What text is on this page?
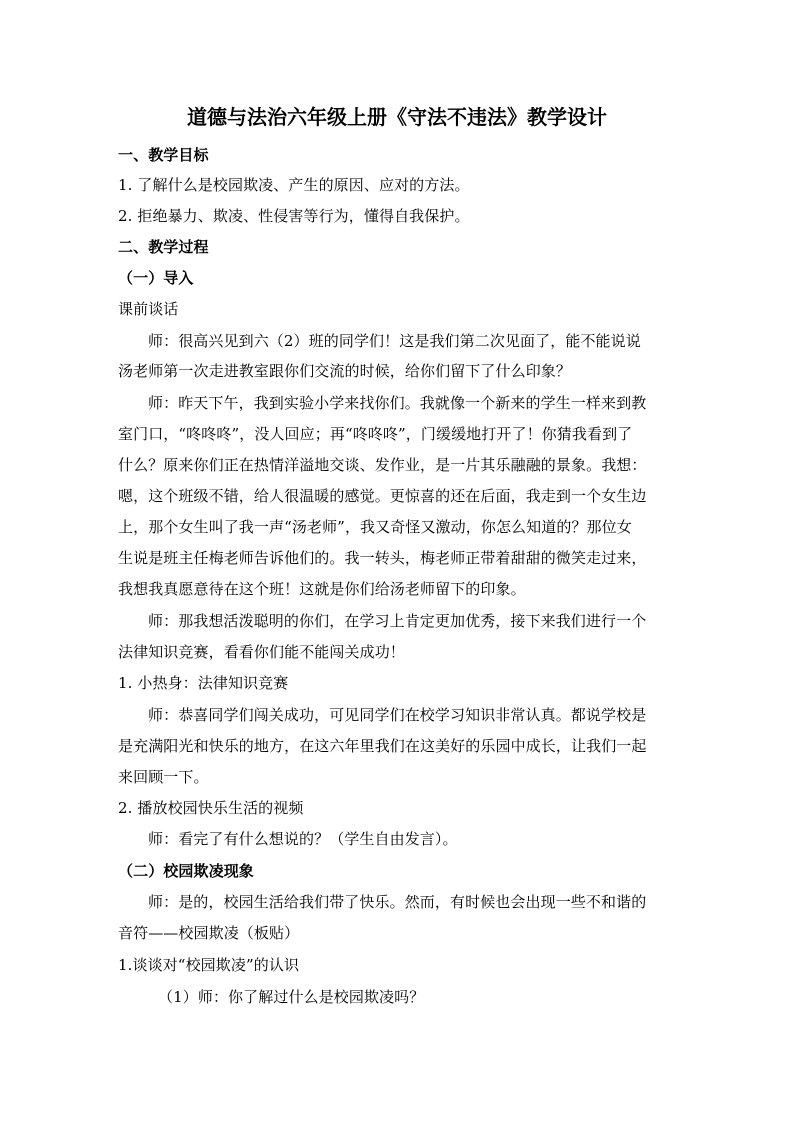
道德与法治六年级上册《守法不违法》教学设计
一、教学目标
1. 了解什么是校园欺凌、产生的原因、应对的方法。
2. 拒绝暴力、欺凌、性侵害等行为，懂得自我保护。
二、教学过程
（一）导入
课前谈话
师：很高兴见到六（2）班的同学们！这是我们第二次见面了，能不能说说
汤老师第一次走进教室跟你们交流的时候，给你们留下了什么印象？
师：昨天下午，我到实验小学来找你们。我就像一个新来的学生一样来到教
室门口，“咚咚咚”，没人回应；再“咚咚咚”，门缓缓地打开了！你猜我看到了
什么？原来你们正在热情洋溢地交谈、发作业，是一片其乐融融的景象。我想：
嗯，这个班级不错，给人很温暖的感觉。更惊喜的还在后面，我走到一个女生边
上，那个女生叫了我一声“汤老师”，我又奇怪又激动，你怎么知道的？那位女
生说是班主任梅老师告诉他们的。我一转头，梅老师正带着甜甜的微笑走过来，
我想我真愿意待在这个班！这就是你们给汤老师留下的印象。
师：那我想活泼聪明的你们，在学习上肯定更加优秀，接下来我们进行一个
法律知识竞赛，看看你们能不能闯关成功！
1. 小热身：法律知识竞赛
师：恭喜同学们闯关成功，可见同学们在校学习知识非常认真。都说学校是
是充满阳光和快乐的地方，在这六年里我们在这美好的乐园中成长，让我们一起
来回顾一下。
2. 播放校园快乐生活的视频
师：看完了有什么想说的？（学生自由发言）。
（二）校园欺凌现象
师：是的，校园生活给我们带了快乐。然而，有时候也会出现一些不和谐的
音符——校园欺凌（板贴）
1.谈谈对“校园欺凌”的认识
（1）师：你了解过什么是校园欺凌吗？
